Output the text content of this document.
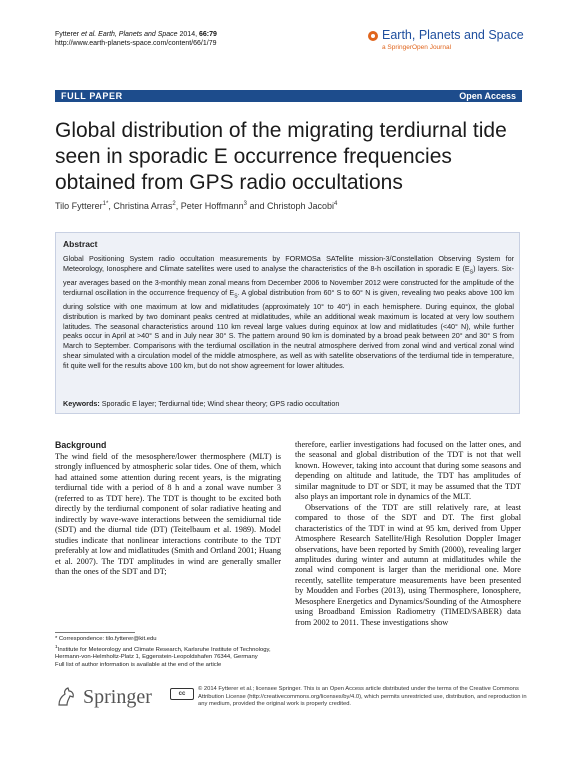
Fytterer et al. Earth, Planets and Space 2014, 66:79
http://www.earth-planets-space.com/content/66/1/79
Earth, Planets and Space
a SpringerOpen Journal
FULL PAPER	Open Access
Global distribution of the migrating terdiurnal tide seen in sporadic E occurrence frequencies obtained from GPS radio occultations
Tilo Fytterer$^{1*}$, Christina Arras$^2$, Peter Hoffmann$^3$ and Christoph Jacobi$^4$
Abstract
Global Positioning System radio occultation measurements by FORMOSa SATellite mission-3/Constellation Observing System for Meteorology, Ionosphere and Climate satellites were used to analyse the characteristics of the 8-h oscillation in sporadic E $(E_S)$ layers. Six-year averages based on the 3-monthly mean zonal means from December 2006 to November 2012 were constructed for the amplitude of the terdiurnal oscillation in the occurrence frequency of $E_S$. A global distribution from 60° S to 60° N is given, revealing two peaks above 100 km during solstice with one maximum at low and midlatitudes (approximately 10° to 40°) in each hemisphere. During equinox, the global distribution is marked by two dominant peaks centred at midlatitudes, while an additional weak maximum is located at very low southern latitudes. The seasonal characteristics around 110 km reveal large values during equinox at low and midlatitudes (<40° N), while further peaks occur in April at >40° S and in July near 30° S. The pattern around 90 km is dominated by a broad peak between 20° and 30° S from March to September. Comparisons with the terdiurnal oscillation in the neutral atmosphere derived from zonal wind and vertical zonal wind shear simulated with a circulation model of the middle atmosphere, as well as with satellite observations of the terdiurnal tide in temperature, fit quite well for the results above 100 km, but do not show agreement for lower altitudes.
Keywords: Sporadic E layer; Terdiurnal tide; Wind shear theory; GPS radio occultation
Background

The wind field of the mesosphere/lower thermosphere (MLT) is strongly influenced by atmospheric solar tides. One of them, which had attained some attention during recent years, is the migrating terdiurnal tide with a period of 8 h and a zonal wave number 3 (referred to as TDT here). The TDT is thought to be excited both directly by the terdiurnal component of solar radiative heating and indirectly by wave-wave interactions between the semidiurnal tide (SDT) and the diurnal tide (DT) (Teitelbaum et al. 1989). Model studies indicate that nonlinear interactions contribute to the TDT preferably at low and midlatitudes (Smith and Ortland 2001; Huang et al. 2007). The TDT amplitudes in wind are generally smaller than the ones of the SDT and DT;

therefore, earlier investigations had focused on the latter ones, and the seasonal and global distribution of the TDT is not that well known. However, taking into account that during some seasons and depending on altitude and latitude, the TDT has amplitudes of similar magnitude to DT or SDT, it may be assumed that the TDT also plays an important role in dynamics of the MLT.

Observations of the TDT are still relatively rare, at least compared to those of the SDT and DT. The first global characteristics of the TDT in wind at 95 km, derived from Upper Atmosphere Research Satellite/High Resolution Doppler Imager observations, have been reported by Smith (2000), revealing larger amplitudes during winter and autumn at midlatitudes while the zonal wind component is larger than the meridional one. More recently, satellite temperature measurements have been presented by Moudden and Forbes (2013), using Thermosphere, Ionosphere, Mesosphere Energetics and Dynamics/Sounding of the Atmosphere using Broadband Emission Radiometry (TIMED/SABER) data from 2002 to 2011. These investigations show

* Correspondence: tilo.fytterer@kit.edu

$^1$Institute for Meteorology and Climate Research, Karlsruhe Institute of Technology, Hermann-von-Helmholtz-Platz 1, Eggenstein-Leopoldshafen 76344, Germany

Full list of author information is available at the end of the article

Springer	cc
© 2014 Fytterer et al.; licensee Springer. This is an Open Access article distributed under the terms of the Creative Commons Attribution License (http://creativecommons.org/licenses/by/4.0), which permits unrestricted use, distribution, and reproduction in any medium, provided the original work is properly credited.
